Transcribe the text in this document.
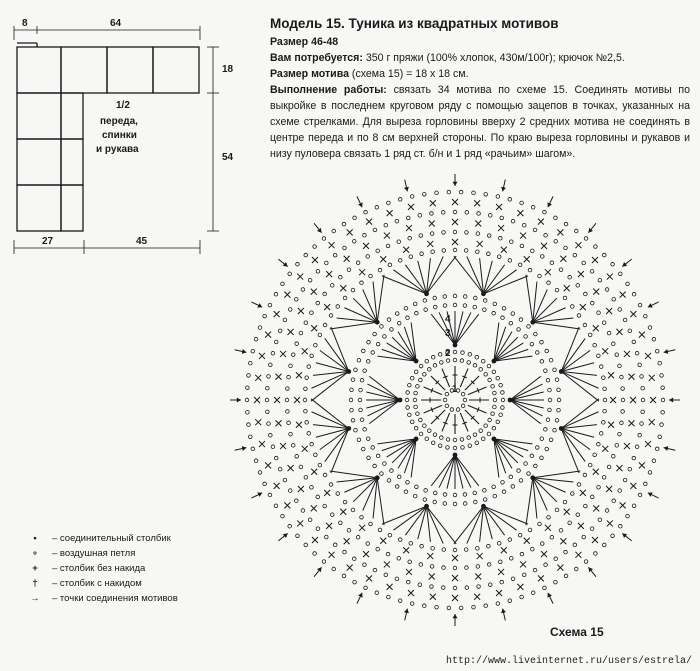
8	64
18
54
27	45
1/2
переда,
спинки
и рукава
Модель 15. Туника из квадратных мотивов
Размер 46-48
Вам потребуется: 350 г пряжи (100% хлопок, 430м/100г); крючок №2,5.
Размер мотива (схема 15) = 18 х 18 см.
Выполнение работы: связать 34 мотива по схеме 15. Соединять мотивы по выкройке в последнем круговом ряду с помощью зацепов в точках, указанных на схеме стрелками. Для выреза горловины вверху 2 средних мотива не соединять в центре переда и по 8 см верхней стороны. По краю выреза горловины и рукавов и низу пуловера связать 1 ряд ст. б/н и 1 ряд «рачьим» шагом».
1
2
3
4
•	– соединительный столбик
∘	– воздушная петля
+	– столбик без накида
†	– столбик с накидом
→	– точки соединения мотивов
Схема 15
http://www.liveinternet.ru/users/estrela/
